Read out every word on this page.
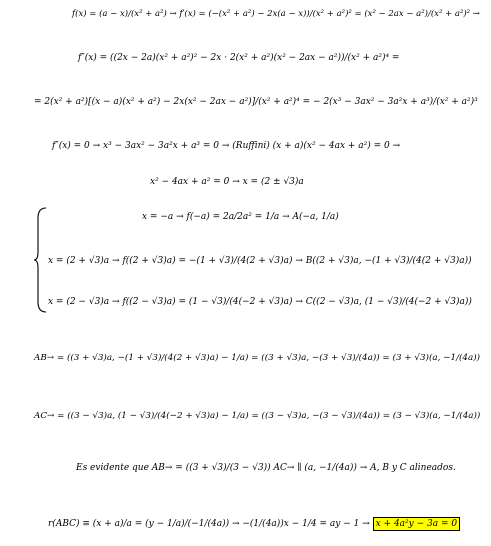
f(x) = (a − x)/(x² + a²) → f′(x) = (−(x² + a²) − 2x(a − x))/(x² + a²)² = (x² − 2ax − a²)/(x² + a²)² →
f″(x) = ((2x − 2a)(x² + a²)² − 2x · 2(x² + a²)(x² − 2ax − a²))/(x² + a²)⁴ =
= 2(x² + a²)[(x − a)(x² + a²) − 2x(x² − 2ax − a²)]/(x² + a²)⁴ = − 2(x³ − 3ax² − 3a²x + a³)/(x² + a²)³
f″(x) = 0 → x³ − 3ax² − 3a²x + a³ = 0 → (Ruffini) (x + a)(x² − 4ax + a²) = 0 →
x² − 4ax + a² = 0 → x = (2 ± √3)a
x = −a → f(−a) = 2a/2a² = 1/a → A(−a, 1/a)
x = (2 + √3)a → f((2 + √3)a) = −(1 + √3)/(4(2 + √3)a) → B((2 + √3)a, −(1 + √3)/(4(2 + √3)a))
x = (2 − √3)a → f((2 − √3)a) = (1 − √3)/(4(−2 + √3)a) → C((2 − √3)a, (1 − √3)/(4(−2 + √3)a))
AB→ = ((3 + √3)a, −(1 + √3)/(4(2 + √3)a) − 1/a) = ((3 + √3)a, −(3 + √3)/(4a)) = (3 + √3)(a, −1/(4a))
AC→ = ((3 − √3)a, (1 − √3)/(4(−2 + √3)a) − 1/a) = ((3 − √3)a, −(3 − √3)/(4a)) = (3 − √3)(a, −1/(4a))
Es evidente que AB→ = ((3 + √3)/(3 − √3)) AC→ ∥ (a, −1/(4a)) → A, B y C alineados.
r(ABC) ≡ (x + a)/a = (y − 1/a)/(−1/(4a)) → −(1/(4a))x − 1/4 = ay − 1 → x + 4a²y − 3a = 0
